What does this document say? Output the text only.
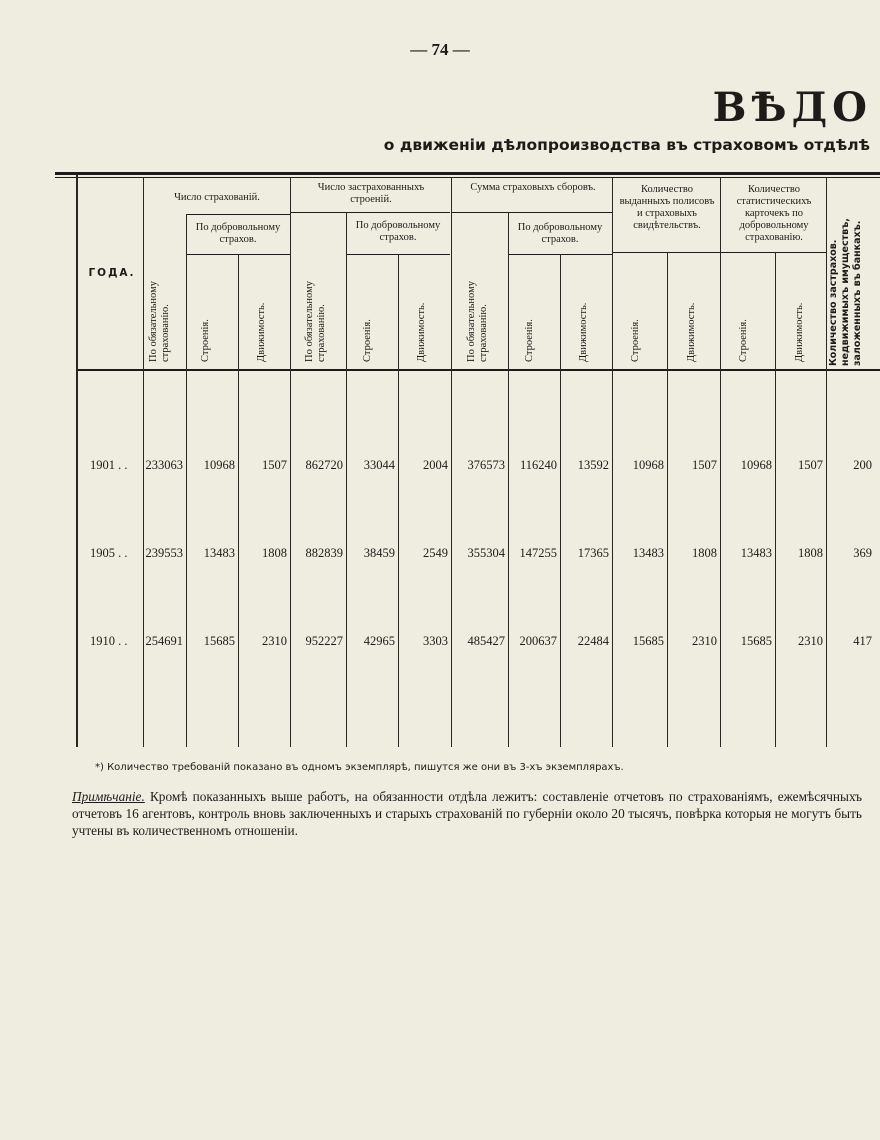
— 74 —
ВѢДО
о движенiи дѣлопроизводства въ страховомъ отдѣлѣ
ГОДА.
Число страхованiй.
По добровольному страхов.
Число застрахованныхъ строенiй.
По добровольному страхов.
Сумма страховыхъ сборовъ.
По добровольному страхов.
Количество выданныхъ полисовъ и страховыхъ свидѣтельствъ.
Количество статистическихъ карточекъ по добровольному страхованiю.
По обязательному страхованiю.	Строенiя.	Движимость.	По обязательному страхованiю.	Строенiя.	Движимость.	По обязательному страхованiю.	Строенiя.	Движимость.	Строенiя.	Движимость.	Строенiя.	Движимость.	Количество застрахов. недвижимыхъ имуществъ, заложенныхъ въ банкахъ.
1901 . .	233063	10968	1507	862720	33044	2004	376573	116240	13592	10968	1507	10968	1507	200
1905 . .	239553	13483	1808	882839	38459	2549	355304	147255	17365	13483	1808	13483	1808	369
1910 . .	254691	15685	2310	952227	42965	3303	485427	200637	22484	15685	2310	15685	2310	417
*) Количество требованiй показано въ одномъ экземплярѣ, пишутся же они въ 3-хъ экземплярахъ.
Примѣчанiе. Кромѣ показанныхъ выше работъ, на обязанности отдѣла лежитъ: составленiе отчетовъ по страхованiямъ, ежемѣсячныхъ отчетовъ 16 агентовъ, контроль вновь заключенныхъ и старыхъ страхованiй по губернiи около 20 тысячъ, повѣрка которыя не могутъ быть учтены въ количественномъ отношенiи.
